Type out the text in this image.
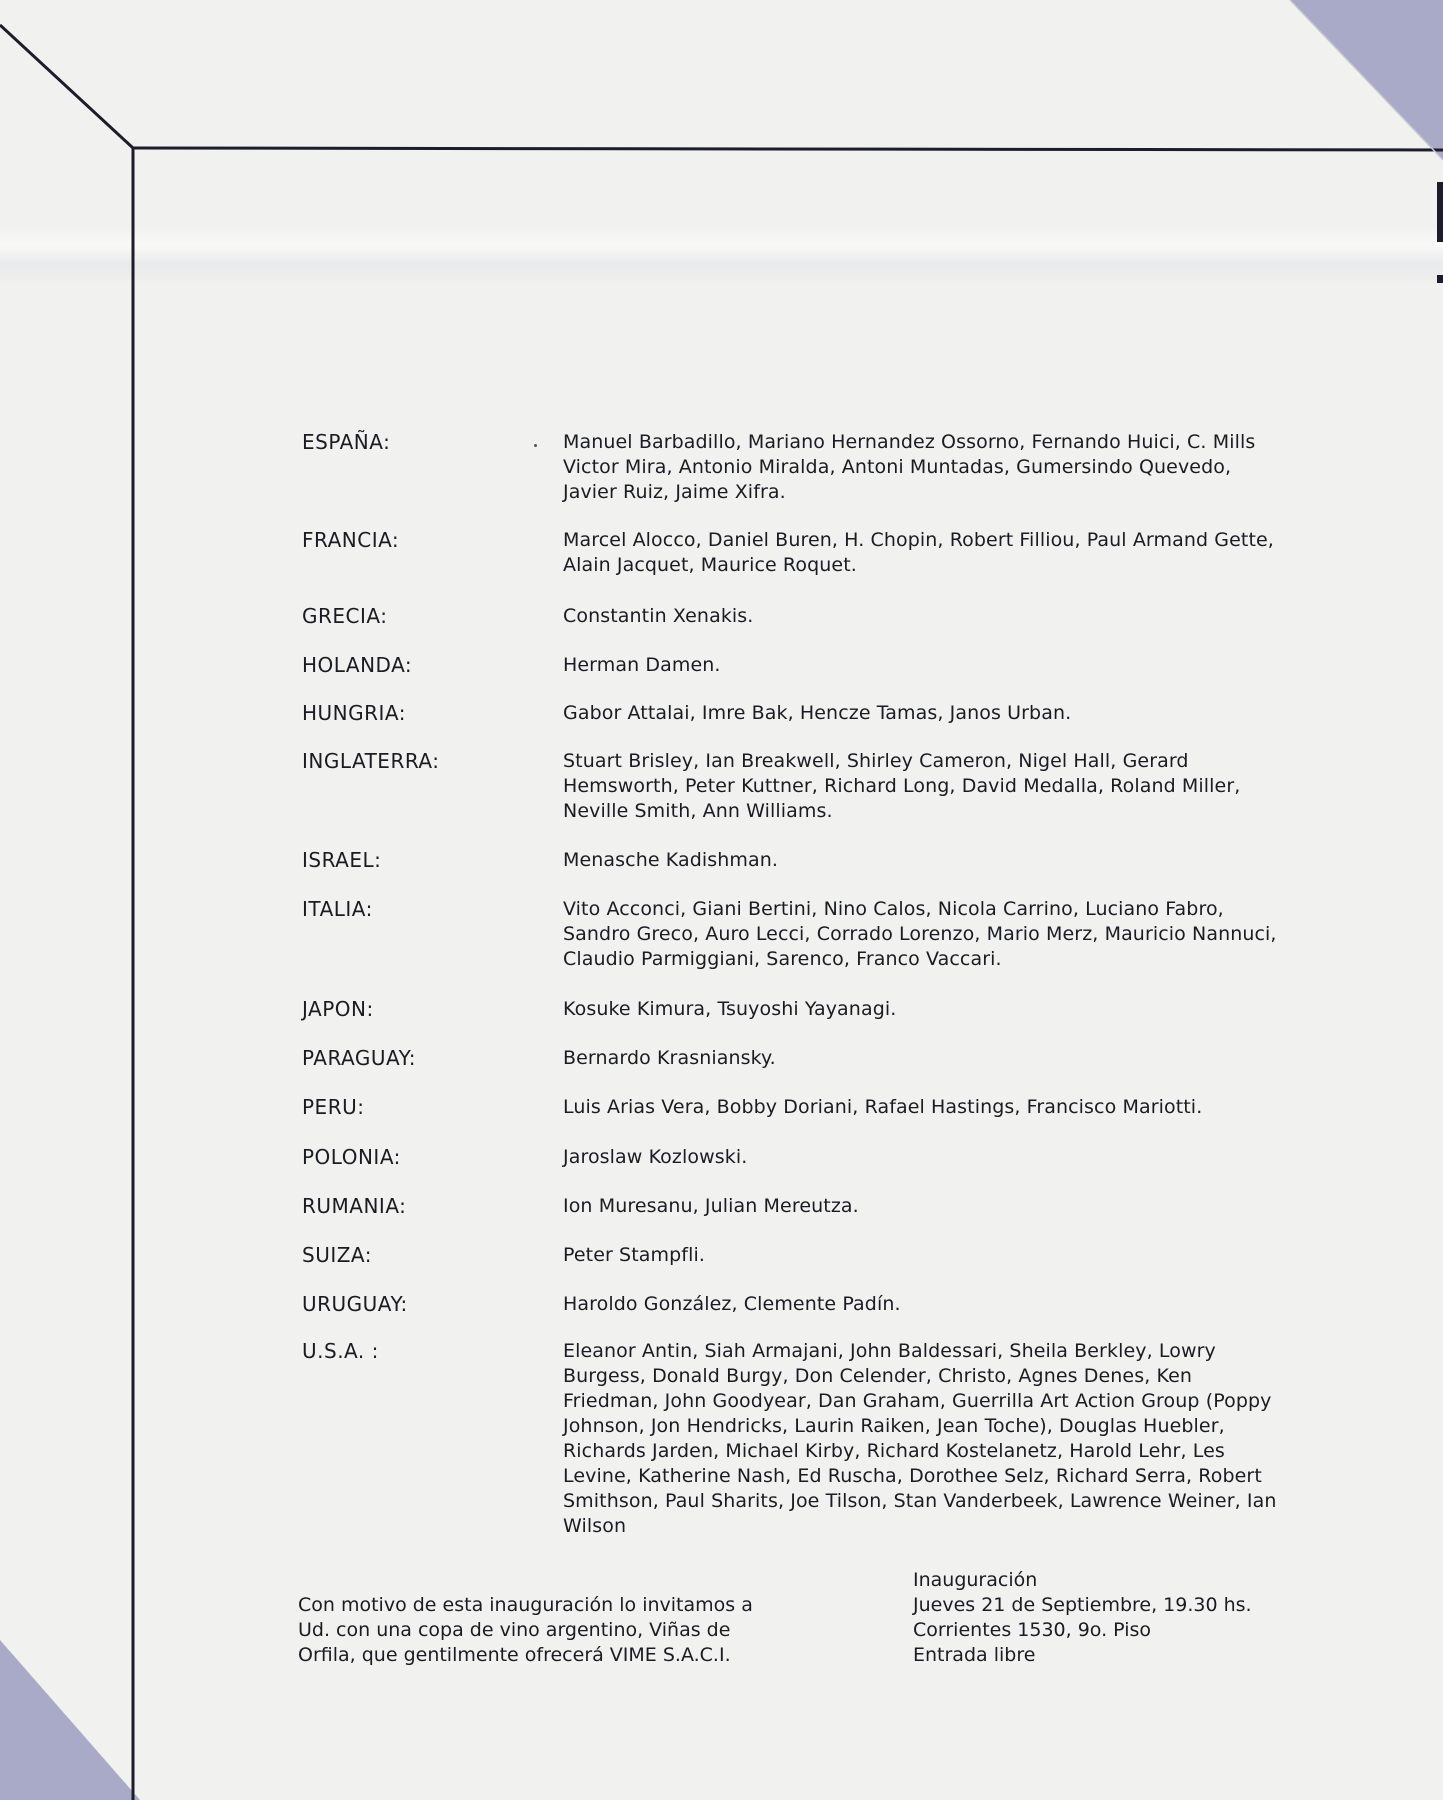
ESPAÑA:	Manuel Barbadillo, Mariano Hernandez Ossorno, Fernando Huici, C. Mills Victor Mira, Antonio Miralda, Antoni Muntadas, Gumersindo Quevedo, Javier Ruiz, Jaime Xifra.
FRANCIA:	Marcel Alocco, Daniel Buren, H. Chopin, Robert Filliou, Paul Armand Gette, Alain Jacquet, Maurice Roquet.
GRECIA:	Constantin Xenakis.
HOLANDA:	Herman Damen.
HUNGRIA:	Gabor Attalai, Imre Bak, Hencze Tamas, Janos Urban.
INGLATERRA:	Stuart Brisley, Ian Breakwell, Shirley Cameron, Nigel Hall, Gerard Hemsworth, Peter Kuttner, Richard Long, David Medalla, Roland Miller, Neville Smith, Ann Williams.
ISRAEL:	Menasche Kadishman.
ITALIA:	Vito Acconci, Giani Bertini, Nino Calos, Nicola Carrino, Luciano Fabro, Sandro Greco, Auro Lecci, Corrado Lorenzo, Mario Merz, Mauricio Nannuci, Claudio Parmiggiani, Sarenco, Franco Vaccari.
JAPON:	Kosuke Kimura, Tsuyoshi Yayanagi.
PARAGUAY:	Bernardo Krasniansky.
PERU:	Luis Arias Vera, Bobby Doriani, Rafael Hastings, Francisco Mariotti.
POLONIA:	Jaroslaw Kozlowski.
RUMANIA:	Ion Muresanu, Julian Mereutza.
SUIZA:	Peter Stampfli.
URUGUAY:	Haroldo González, Clemente Padín.
U.S.A. :	Eleanor Antin, Siah Armajani, John Baldessari, Sheila Berkley, Lowry Burgess, Donald Burgy, Don Celender, Christo, Agnes Denes, Ken Friedman, John Goodyear, Dan Graham, Guerrilla Art Action Group (Poppy Johnson, Jon Hendricks, Laurin Raiken, Jean Toche), Douglas Huebler, Richards Jarden, Michael Kirby, Richard Kostelanetz, Harold Lehr, Les Levine, Katherine Nash, Ed Ruscha, Dorothee Selz, Richard Serra, Robert Smithson, Paul Sharits, Joe Tilson, Stan Vanderbeek, Lawrence Weiner, Ian Wilson
Con motivo de esta inauguración lo invitamos a
Ud. con una copa de vino argentino, Viñas de
Orfila, que gentilmente ofrecerá VIME S.A.C.I.
Inauguración
Jueves 21 de Septiembre, 19.30 hs.
Corrientes 1530, 9o. Piso
Entrada libre
